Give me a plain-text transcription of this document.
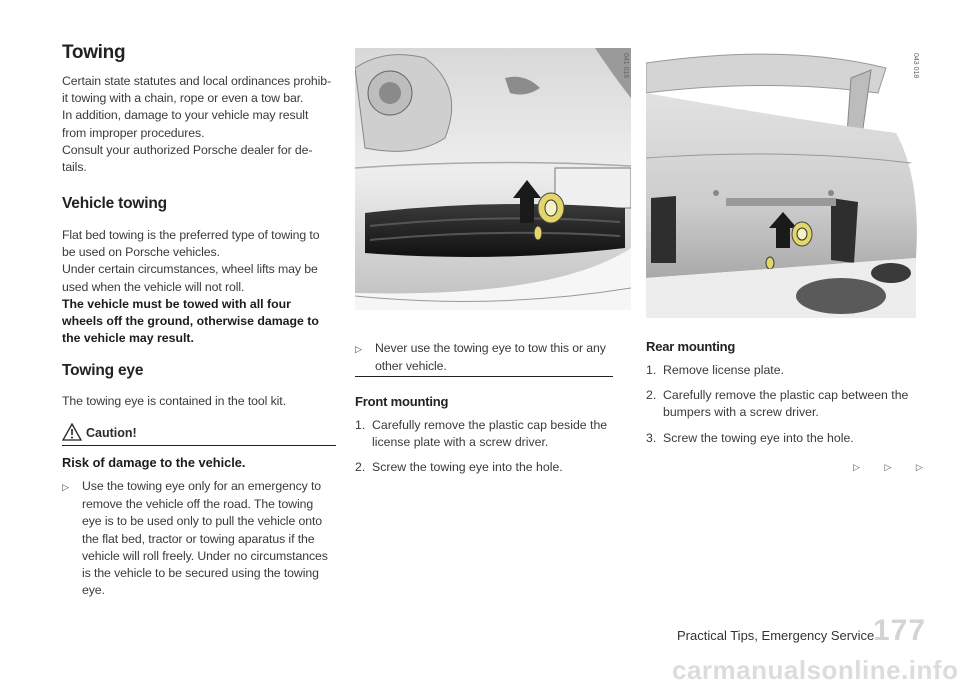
Towing

Certain state statutes and local ordinances prohib-
it towing with a chain, rope or even a tow bar.
In addition, damage to your vehicle may result
from improper procedures.
Consult your authorized Porsche dealer for de-
tails.

Vehicle towing

Flat bed towing is the preferred type of towing to
be used on Porsche vehicles.
Under certain circumstances, wheel lifts may be
used when the vehicle will not roll.

The vehicle must be towed with all four
wheels off the ground, otherwise damage to
the vehicle may result.

Towing eye

The towing eye is contained in the tool kit.

Caution!

Risk of damage to the vehicle.

▷ Use the towing eye only for an emergency to
remove the vehicle off the road. The towing
eye is to be used only to pull the vehicle onto
the flat bed, tractor or towing aparatus if the
vehicle will roll freely. Under no circumstances
is the vehicle to be secured using the towing
eye.

041 016

▷ Never use the towing eye to tow this or any
other vehicle.

Front mounting
1. Carefully remove the plastic cap beside the
license plate with a screw driver.
2. Screw the towing eye into the hole.
043 018
Rear mounting
1. Remove license plate.
2. Carefully remove the plastic cap between the
bumpers with a screw driver.
3. Screw the towing eye into the hole.
▷	▷	▷
Practical Tips, Emergency Service
177
carmanualsonline.info
